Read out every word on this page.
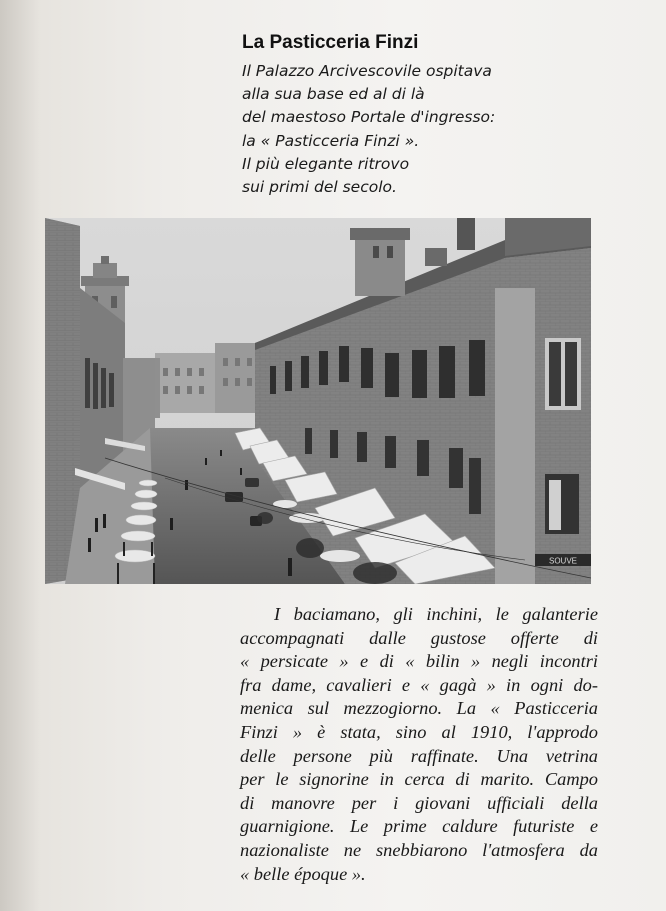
La Pasticceria Finzi
Il Palazzo Arcivescovile ospitava
alla sua base ed al di là
del maestoso Portale d'ingresso:
la « Pasticceria Finzi ».
Il più elegante ritrovo
sui primi del secolo.
SOUVE
I baciamano, gli inchini, le galanterie
accompagnati dalle gustose offerte di
« persicate » e di « bilin » negli incontri
fra dame, cavalieri e « gagà » in ogni do-
menica sul mezzogiorno. La « Pasticceria
Finzi » è stata, sino al 1910, l'approdo
delle persone più raffinate. Una vetrina
per le signorine in cerca di marito. Campo
di manovre per i giovani ufficiali della
guarnigione. Le prime caldure futuriste e
nazionaliste ne snebbiarono l'atmosfera da
« belle époque ».
